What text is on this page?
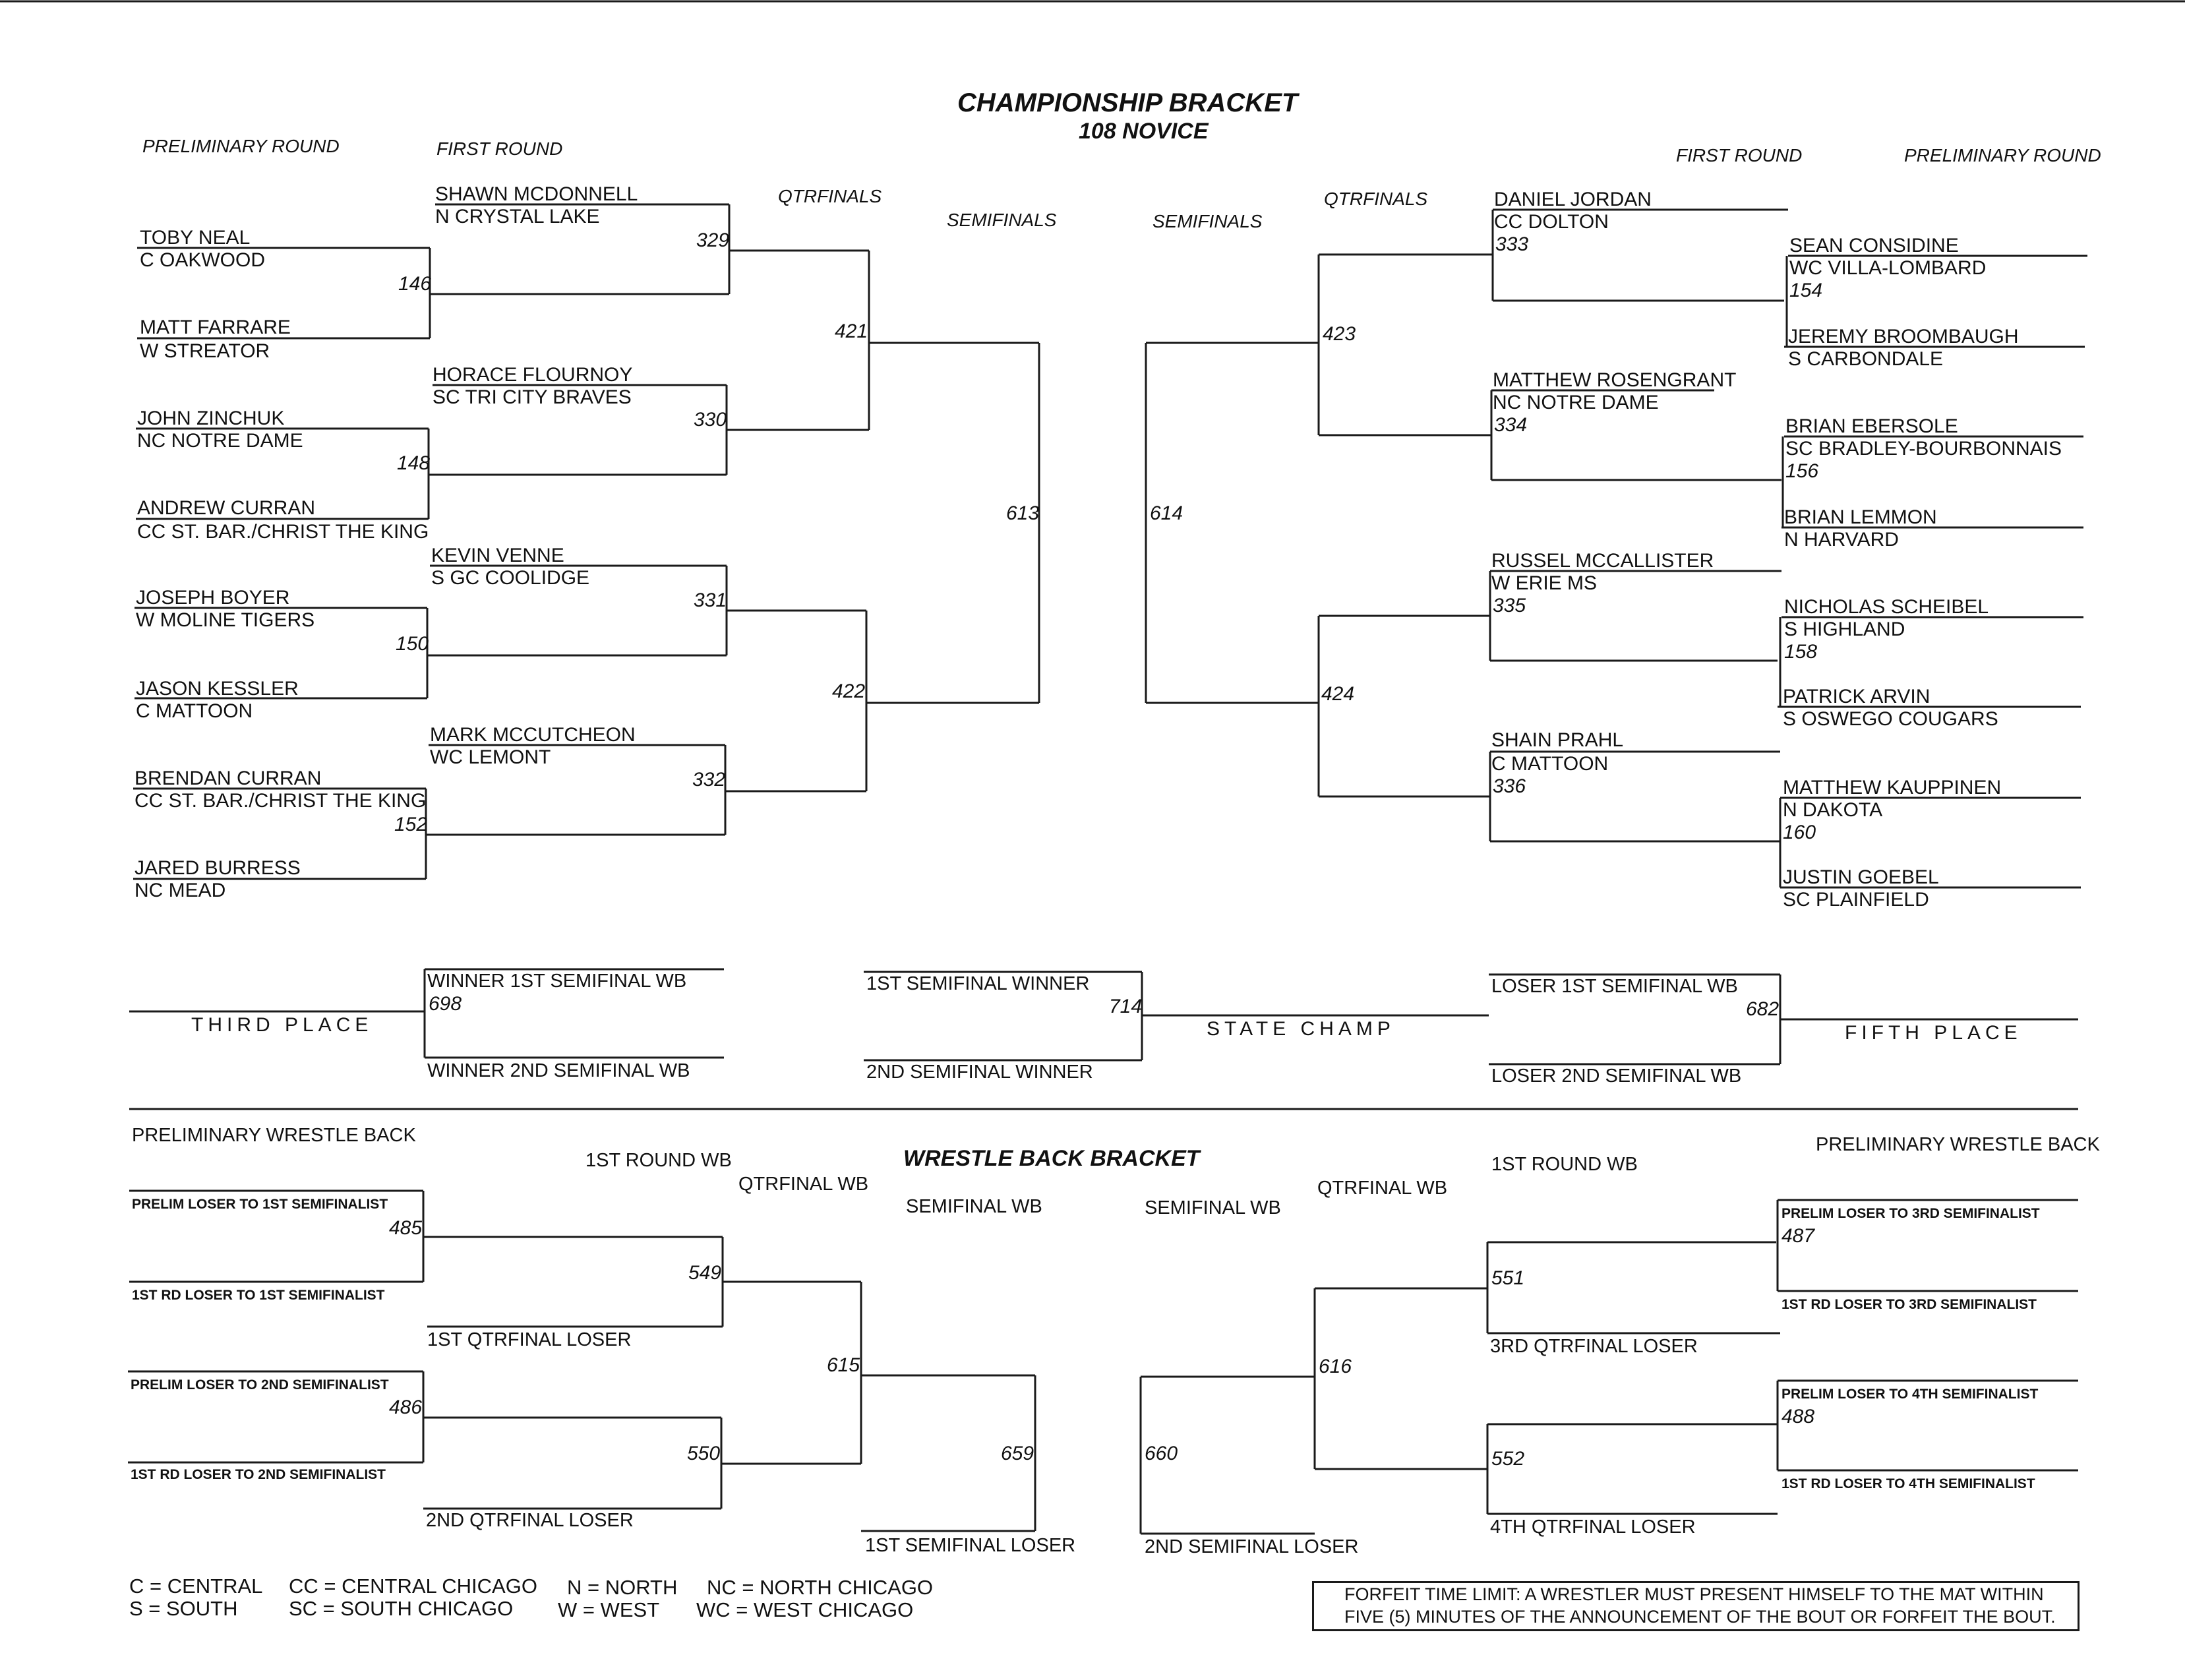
CHAMPIONSHIP BRACKET
108 NOVICE
PRELIMINARY ROUND	FIRST ROUND
QTRFINALS
SEMIFINALS	SEMIFINALS
QTRFINALS
FIRST ROUND	PRELIMINARY ROUND
TOBY NEAL
C OAKWOOD
MATT FARRARE
W STREATOR
JOHN ZINCHUK
NC NOTRE DAME
ANDREW CURRAN
CC ST. BAR./CHRIST THE KING
JOSEPH BOYER
W MOLINE TIGERS
JASON KESSLER
C MATTOON
BRENDAN CURRAN
CC ST. BAR./CHRIST THE KING
JARED BURRESS
NC MEAD
146
148
150
152
SHAWN MCDONNELL
N CRYSTAL LAKE
HORACE FLOURNOY
SC TRI CITY BRAVES
KEVIN VENNE
S GC COOLIDGE
MARK MCCUTCHEON
WC LEMONT
329
330
331
332
421
422
613	614
423
424
DANIEL JORDAN
CC DOLTON
MATTHEW ROSENGRANT
NC NOTRE DAME
RUSSEL MCCALLISTER
W ERIE MS
SHAIN PRAHL
C MATTOON
333
334
335
336
SEAN CONSIDINE
WC VILLA-LOMBARD
JEREMY BROOMBAUGH
S CARBONDALE
BRIAN EBERSOLE
SC BRADLEY-BOURBONNAIS
BRIAN LEMMON
N HARVARD
NICHOLAS SCHEIBEL
S HIGHLAND
PATRICK ARVIN
S OSWEGO COUGARS
MATTHEW KAUPPINEN
N DAKOTA
JUSTIN GOEBEL
SC PLAINFIELD
154
156
158
160
THIRD PLACE
WINNER 1ST SEMIFINAL WB
698
WINNER 2ND SEMIFINAL WB
1ST SEMIFINAL WINNER
714
2ND SEMIFINAL WINNER
STATE CHAMP
LOSER 1ST SEMIFINAL WB
682
LOSER 2ND SEMIFINAL WB
FIFTH PLACE
WRESTLE BACK BRACKET
PRELIMINARY WRESTLE BACK
1ST ROUND WB
QTRFINAL WB
SEMIFINAL WB	SEMIFINAL WB
QTRFINAL WB
1ST ROUND WB
PRELIMINARY WRESTLE BACK
PRELIM LOSER TO 1ST SEMIFINALIST
485
1ST RD LOSER TO 1ST SEMIFINALIST
PRELIM LOSER TO 2ND SEMIFINALIST
486
1ST RD LOSER TO 2ND SEMIFINALIST
549
1ST QTRFINAL LOSER
550
2ND QTRFINAL LOSER
615
659
1ST SEMIFINAL LOSER
660
2ND SEMIFINAL LOSER
616
551
3RD QTRFINAL LOSER
552
4TH QTRFINAL LOSER
PRELIM LOSER TO 3RD SEMIFINALIST
487
1ST RD LOSER TO 3RD SEMIFINALIST
PRELIM LOSER TO 4TH SEMIFINALIST
488
1ST RD LOSER TO 4TH SEMIFINALIST
C = CENTRAL
S = SOUTH
CC = CENTRAL CHICAGO
SC = SOUTH CHICAGO
N = NORTH
W = WEST
NC = NORTH CHICAGO
WC = WEST CHICAGO
FORFEIT TIME LIMIT: A WRESTLER MUST PRESENT HIMSELF TO THE MAT WITHIN
FIVE (5) MINUTES OF THE ANNOUNCEMENT OF THE BOUT OR FORFEIT THE BOUT.
